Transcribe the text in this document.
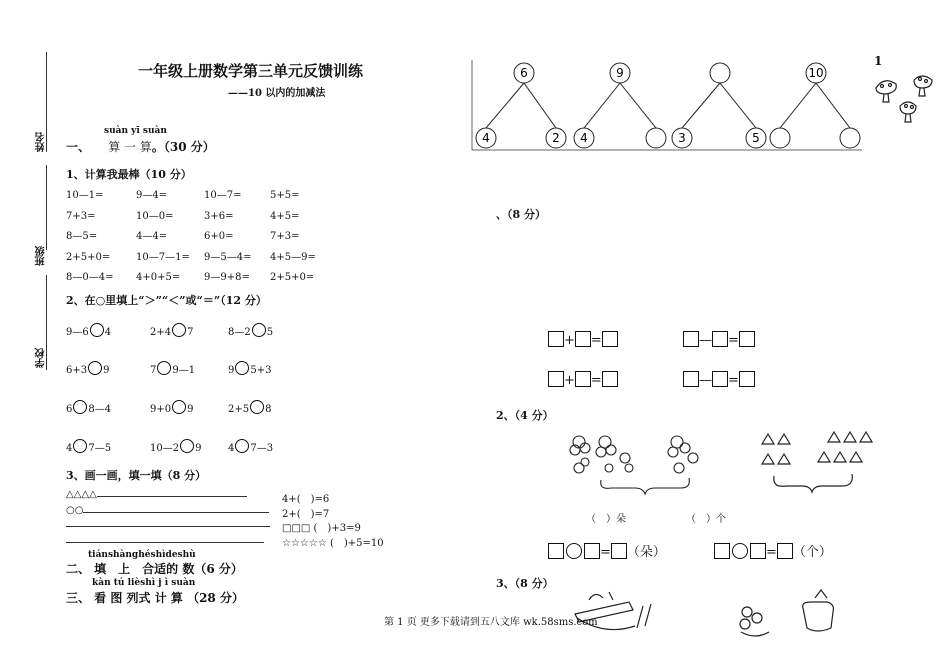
姓名
班级
学校
一年级上册数学第三单元反馈训练
——10 以内的加减法
1
suàn yī suàn
一、 算 一 算。（30 分）
1、计算我最棒（10 分）
10—1=	9—4=	10—7=	5+5=
7+3=	10—0=	3+6=	4+5=
8—5=	4—4=	6+0=	7+3=
2+5+0=	10—7—1= 9—5—4= 4+5—9=
8—0—4= 4+0+5= 9—9+8= 2+5+0=
2、在○里填上“＞”“＜”或“＝”（12 分）
9—6 4	2+4 7	8—2 5
6+3 9	7 9—1	9 5+3
6 8—4	9+0 9	2+5 8
4 7—5	10—2 9	4 7—3
3、画一画，填一填（8 分）
△△△△
○○
4+(　)=6
2+(　)=7
□□□ (　)+3=9
☆☆☆☆☆ (　)+5=10
tiánshànghéshìdeshù
二、 填　上　合适的 数（6 分）
kàn tú lièshì j ì suàn
三、 看 图 列式 计 算 （28 分）
6
4	2
9
4	3	5
10
、（8 分）
+ =	— =
+ =	— =
2、（4 分）
（　）朵	（　）个
= （朵）	= （个）
3、（8 分）
第 1 页 更多下载请到五八文库 wk.58sms.com
